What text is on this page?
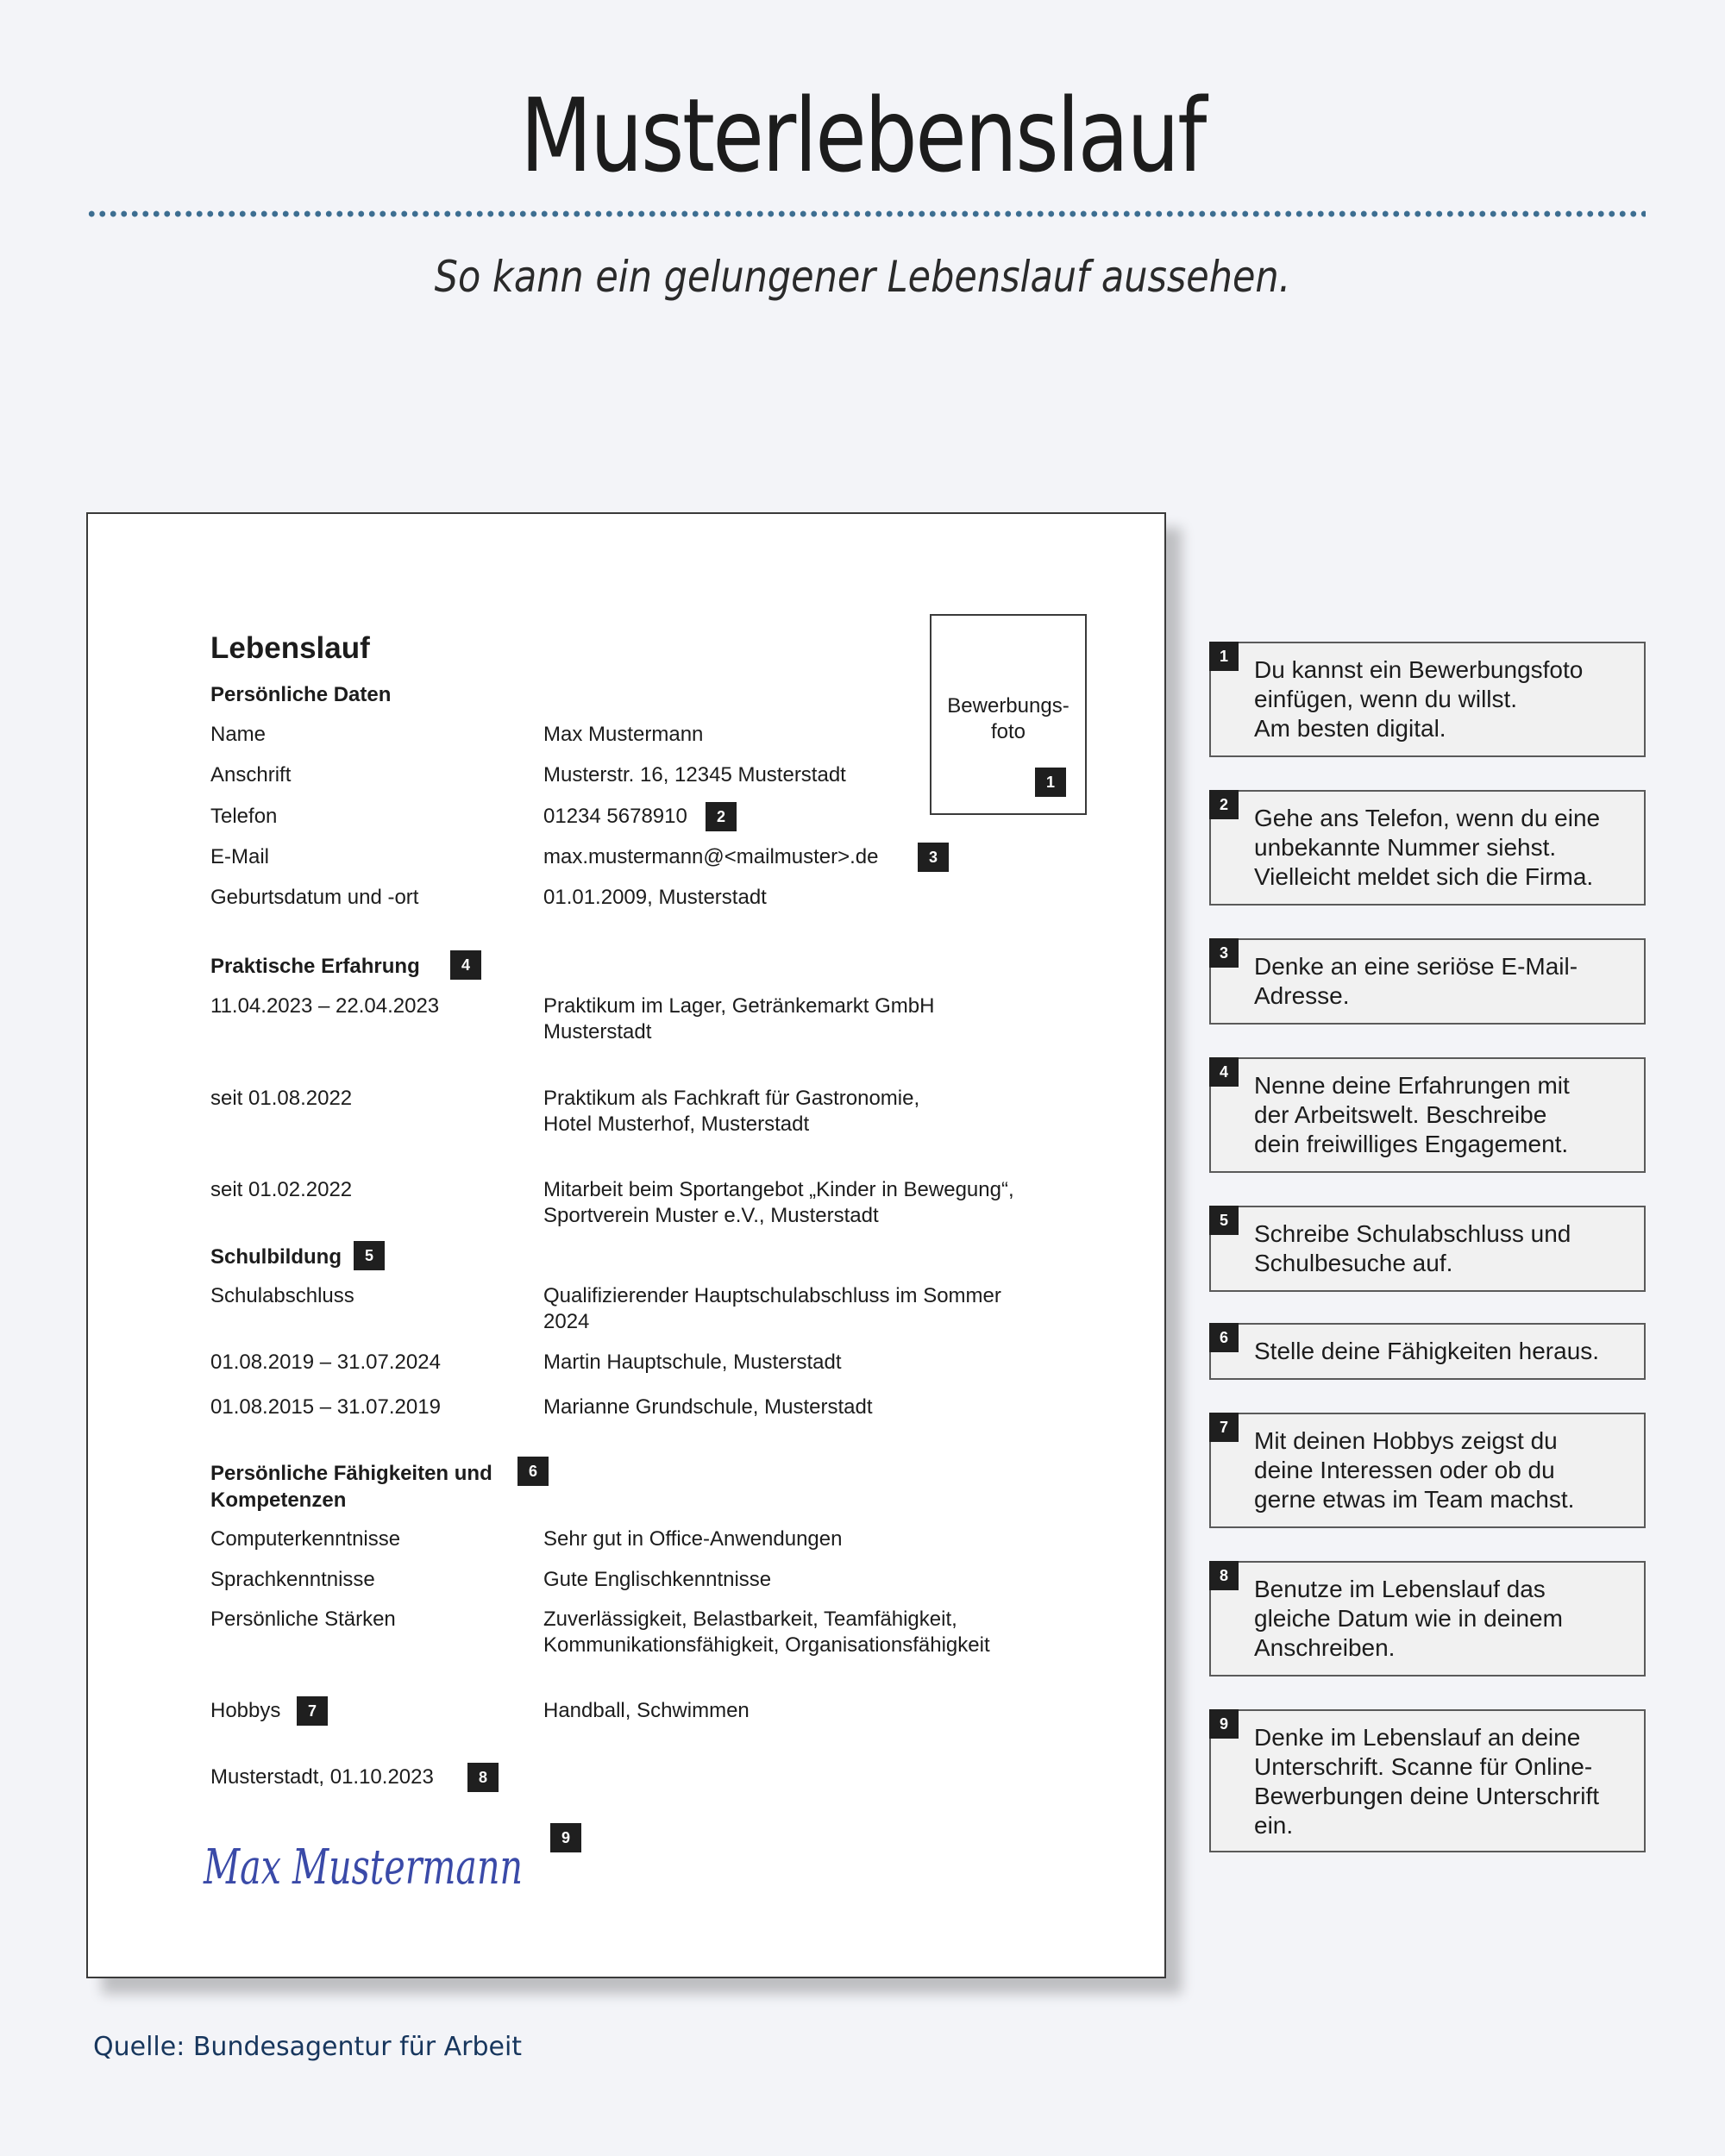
Musterlebenslauf
So kann ein gelungener Lebenslauf aussehen.
Lebenslauf
Bewerbungs-
foto
1
Persönliche Daten
Name	Max Mustermann
Anschrift	Musterstr. 16, 12345 Musterstadt
Telefon	01234 5678910	2
E-Mail	max.mustermann@<mailmuster>.de	3
Geburtsdatum und -ort	01.01.2009, Musterstadt
Praktische Erfahrung	4
11.04.2023 – 22.04.2023	Praktikum im Lager, Getränkemarkt GmbH
Musterstadt
seit 01.08.2022	Praktikum als Fachkraft für Gastronomie,
Hotel Musterhof, Musterstadt
seit 01.02.2022	Mitarbeit beim Sportangebot „Kinder in Bewegung“,
Sportverein Muster e.V., Musterstadt
Schulbildung	5
Schulabschluss	Qualifizierender Hauptschulabschluss im Sommer
2024
01.08.2019 – 31.07.2024	Martin Hauptschule, Musterstadt
01.08.2015 – 31.07.2019	Marianne Grundschule, Musterstadt
Persönliche Fähigkeiten und
Kompetenzen
6
Computerkenntnisse	Sehr gut in Office-Anwendungen
Sprachkenntnisse	Gute Englischkenntnisse
Persönliche Stärken	Zuverlässigkeit, Belastbarkeit, Teamfähigkeit,
Kommunikationsfähigkeit, Organisationsfähigkeit
Hobbys	7	Handball, Schwimmen
Musterstadt, 01.10.2023	8
Max Mustermann
9
1	Du kannst ein Bewerbungsfoto
einfügen, wenn du willst.
Am besten digital.
2	Gehe ans Telefon, wenn du eine
unbekannte Nummer siehst.
Vielleicht meldet sich die Firma.
3	Denke an eine seriöse E-Mail-
Adresse.
4	Nenne deine Erfahrungen mit
der Arbeitswelt. Beschreibe
dein freiwilliges Engagement.
5	Schreibe Schulabschluss und
Schulbesuche auf.
6	Stelle deine Fähigkeiten heraus.
7	Mit deinen Hobbys zeigst du
deine Interessen oder ob du
gerne etwas im Team machst.
8	Benutze im Lebenslauf das
gleiche Datum wie in deinem
Anschreiben.
9	Denke im Lebenslauf an deine
Unterschrift. Scanne für Online-
Bewerbungen deine Unterschrift
ein.
Quelle: Bundesagentur für Arbeit
